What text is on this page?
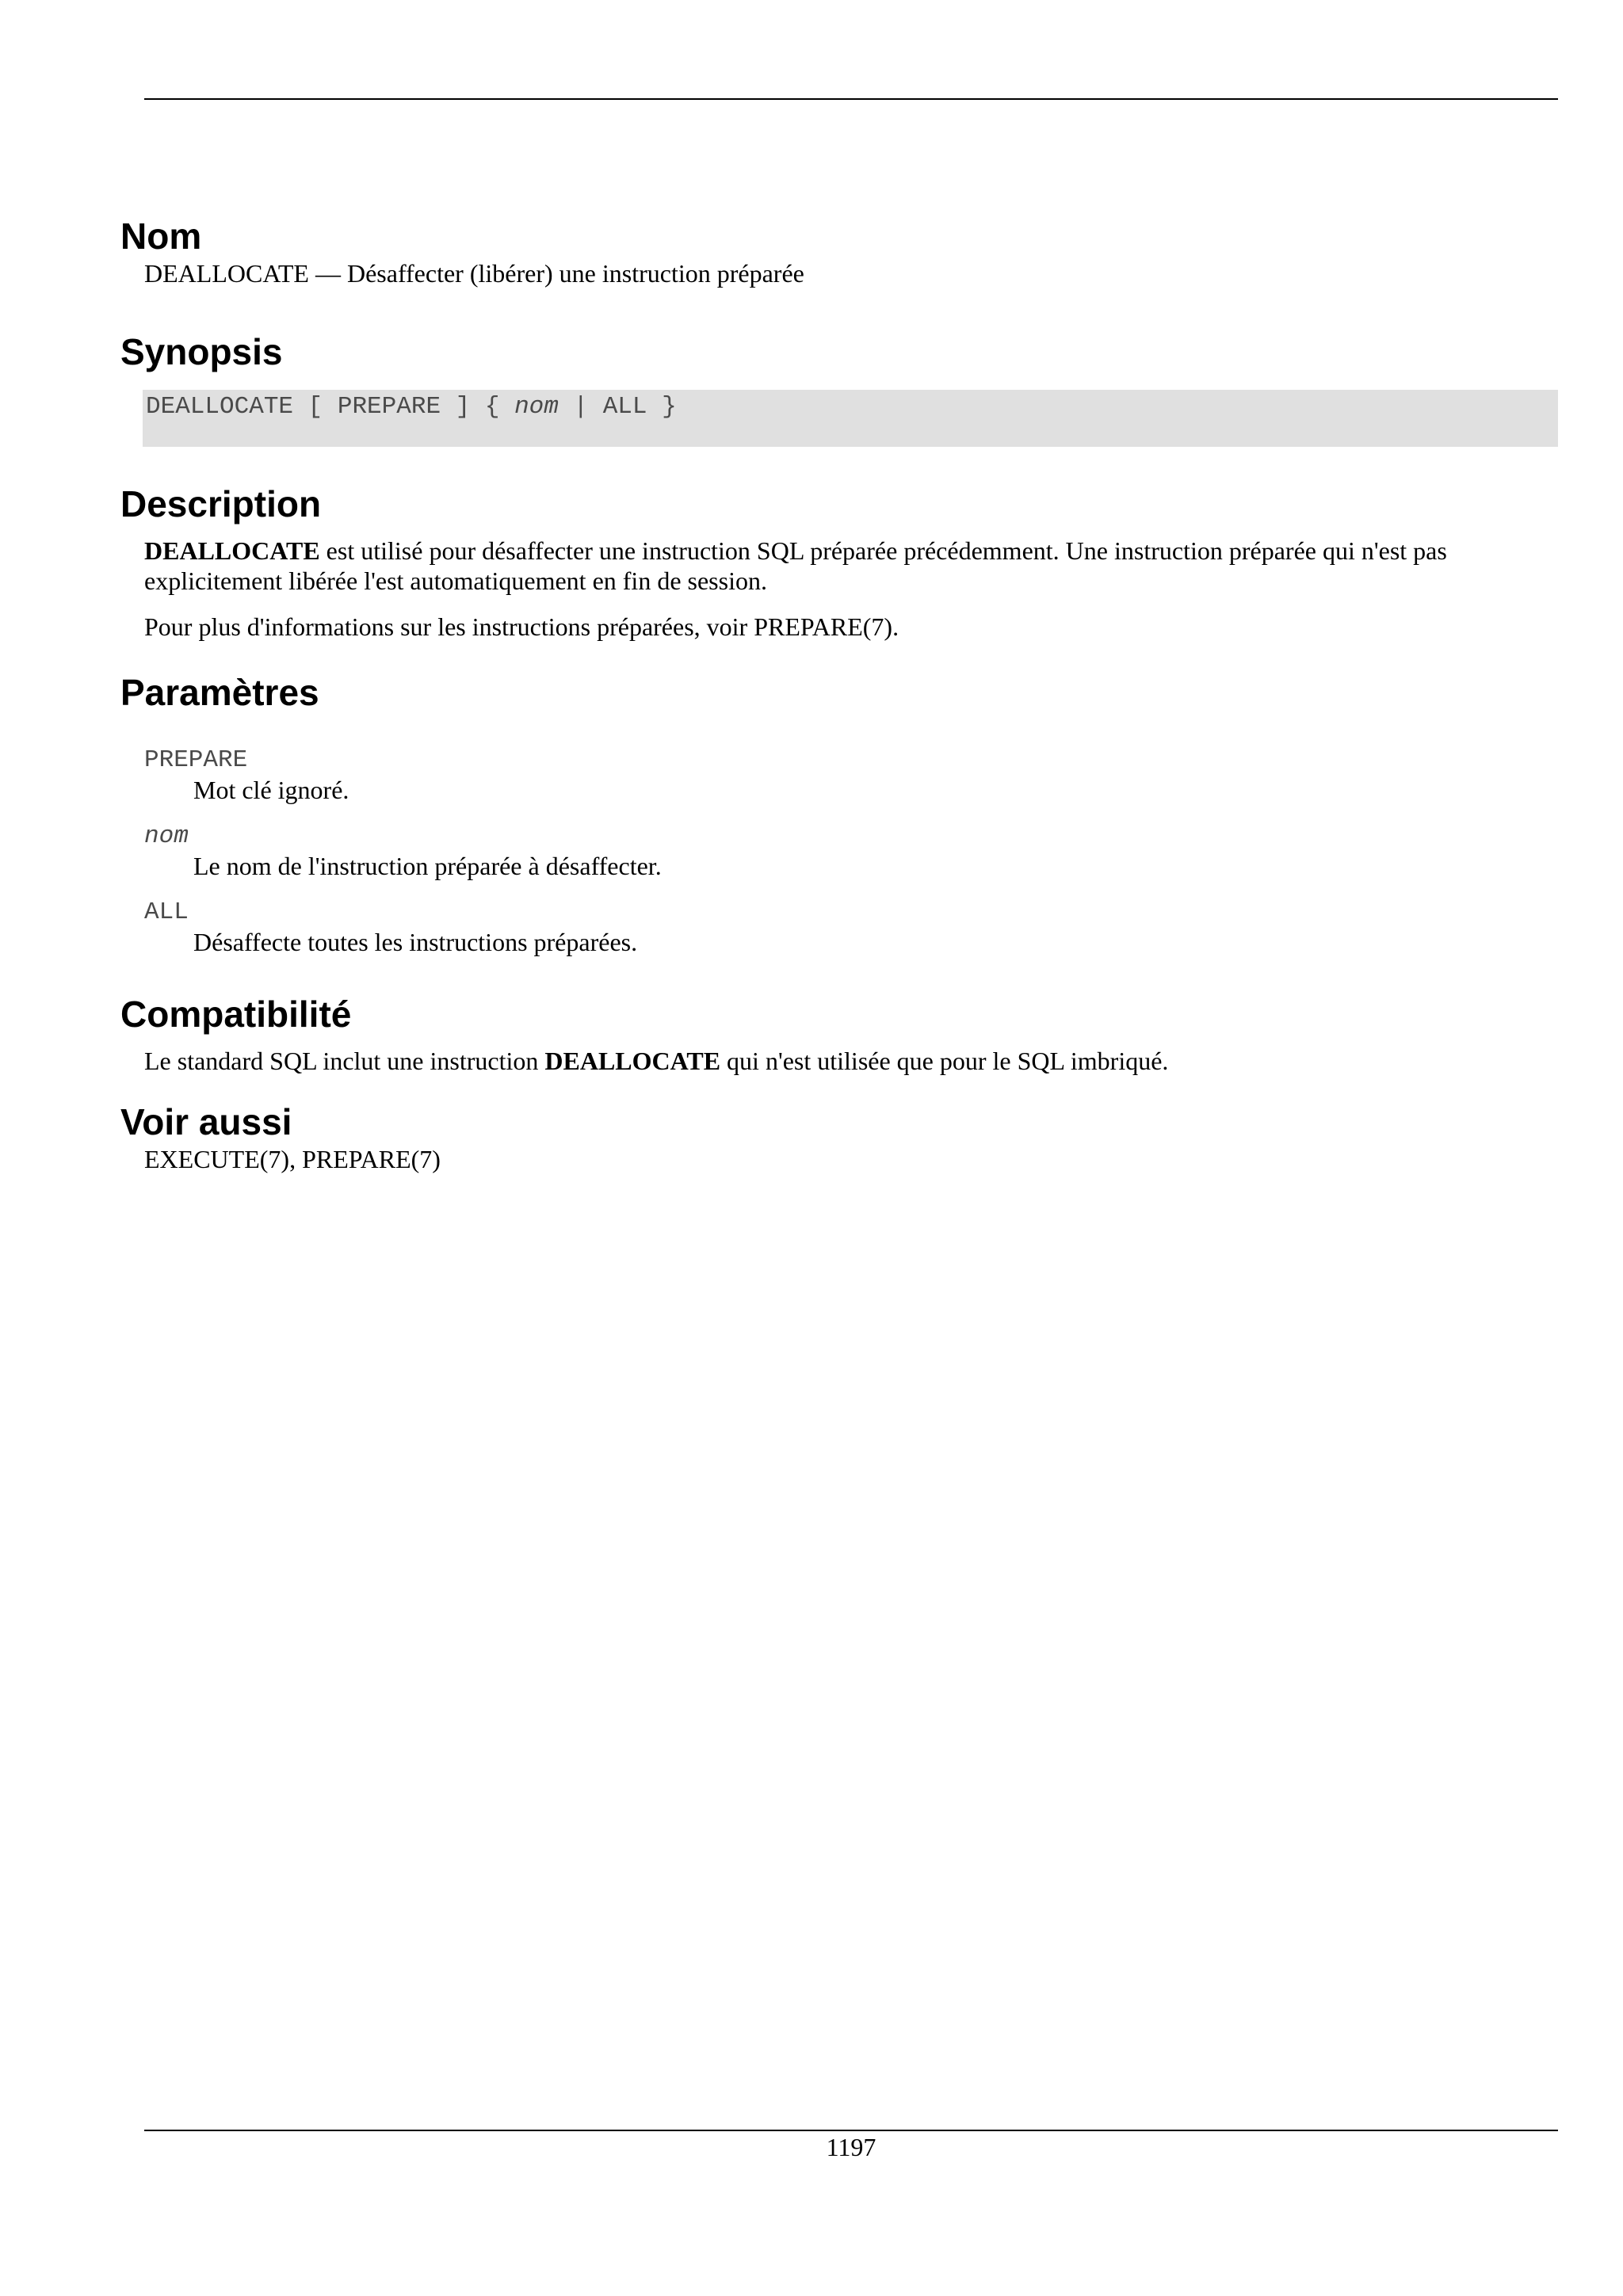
Nom
DEALLOCATE — Désaffecter (libérer) une instruction préparée
Synopsis
DEALLOCATE [ PREPARE ] { nom | ALL }
Description

DEALLOCATE est utilisé pour désaffecter une instruction SQL préparée précédemment. Une instruction préparée qui n'est pas explicitement libérée l'est automatiquement en fin de session.

Pour plus d'informations sur les instructions préparées, voir PREPARE(7).

Paramètres
PREPARE
Mot clé ignoré.
nom
Le nom de l'instruction préparée à désaffecter.
ALL
Désaffecte toutes les instructions préparées.
Compatibilité
Le standard SQL inclut une instruction DEALLOCATE qui n'est utilisée que pour le SQL imbriqué.
Voir aussi
EXECUTE(7), PREPARE(7)
1197
